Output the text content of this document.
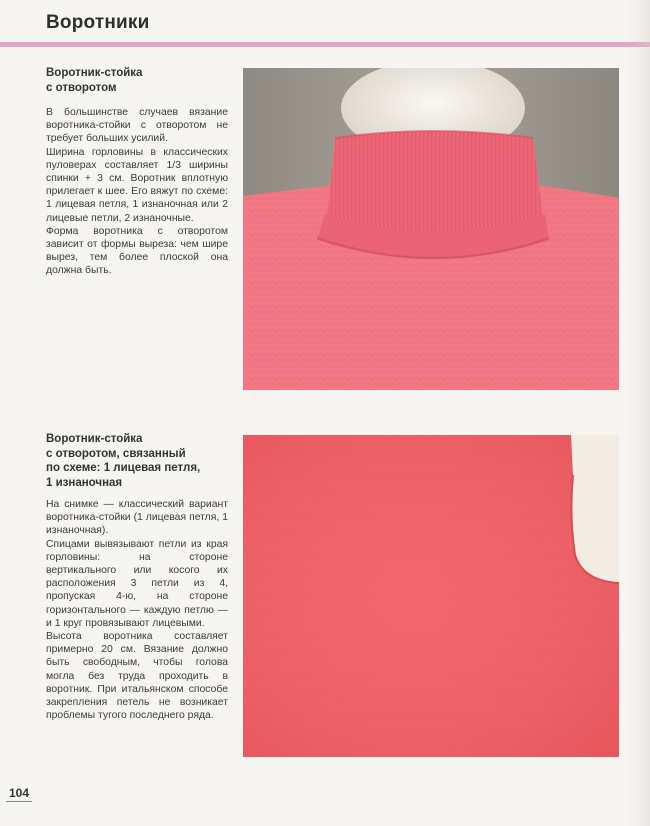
Воротники
Воротник-стойка
с отворотом

В большинстве случаев вязание воротника-стойки с отворотом не требует больших усилий.

Ширина горловины в классических пуловерах составляет 1/3 ширины спинки + 3 см. Воротник вплотную прилегает к шее. Его вяжут по схеме: 1 лицевая петля, 1 изнаночная или 2 лицевые петли, 2 изнаночные.

Форма воротника с отворотом зависит от формы выреза: чем шире вырез, тем более плоской она должна быть.

Воротник-стойка
с отворотом, связанный
по схеме: 1 лицевая петля,
1 изнаночная

На снимке — классический вариант воротника-стойки (1 лицевая петля, 1 изнаночная).

Спицами вывязывают петли из края горловины: на стороне вертикального или косого их расположения 3 петли из 4, пропуская 4-ю, на стороне горизонтального — каждую петлю — и 1 круг провязывают лицевыми.

Высота воротника составляет примерно 20 см. Вязание должно быть свободным, чтобы голова могла без труда проходить в воротник. При итальянском способе закрепления петель не возникает проблемы тугого последнего ряда.

104
